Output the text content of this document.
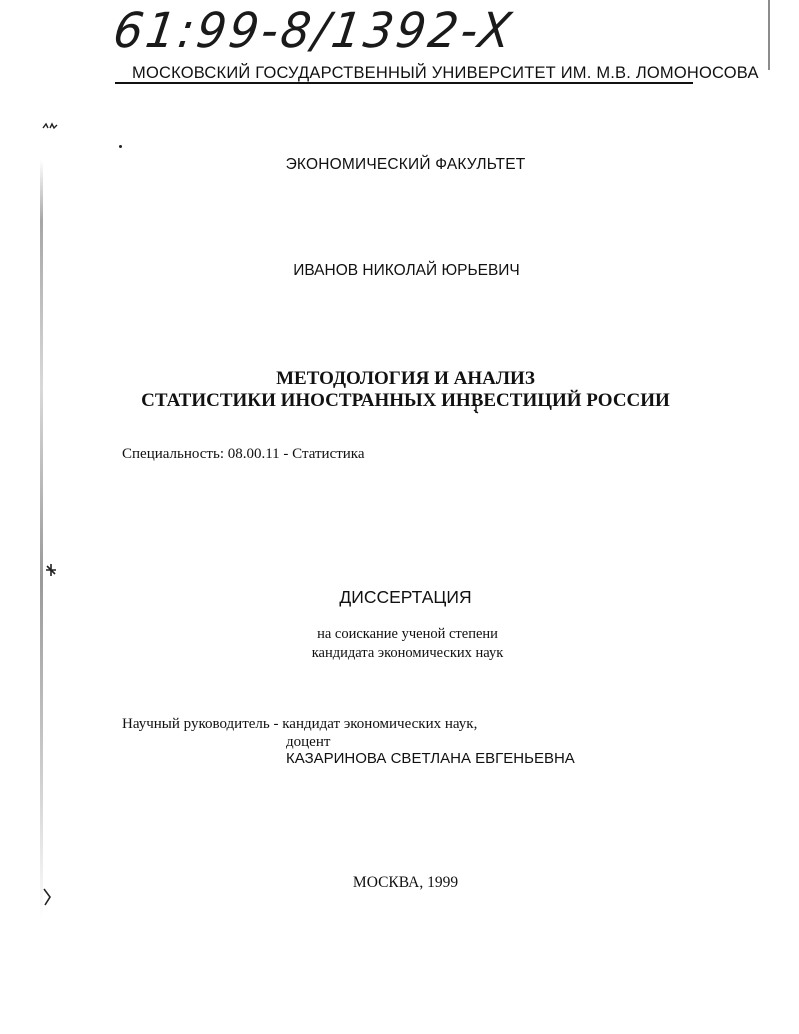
61:99-8/1392-X
МОСКОВСКИЙ ГОСУДАРСТВЕННЫЙ УНИВЕРСИТЕТ ИМ. М.В. ЛОМОНОСОВА
ЭКОНОМИЧЕСКИЙ ФАКУЛЬТЕТ
ИВАНОВ НИКОЛАЙ ЮРЬЕВИЧ
МЕТОДОЛОГИЯ И АНАЛИЗ
СТАТИСТИКИ ИНОСТРАННЫХ ИНВЕСТИЦИЙ РОССИИ
Специальность: 08.00.11 - Статистика
ДИССЕРТАЦИЯ
на соискание ученой степени
кандидата экономических наук
Научный руководитель - кандидат экономических наук,
доцент
КАЗАРИНОВА СВЕТЛАНА ЕВГЕНЬЕВНА
МОСКВА, 1999
